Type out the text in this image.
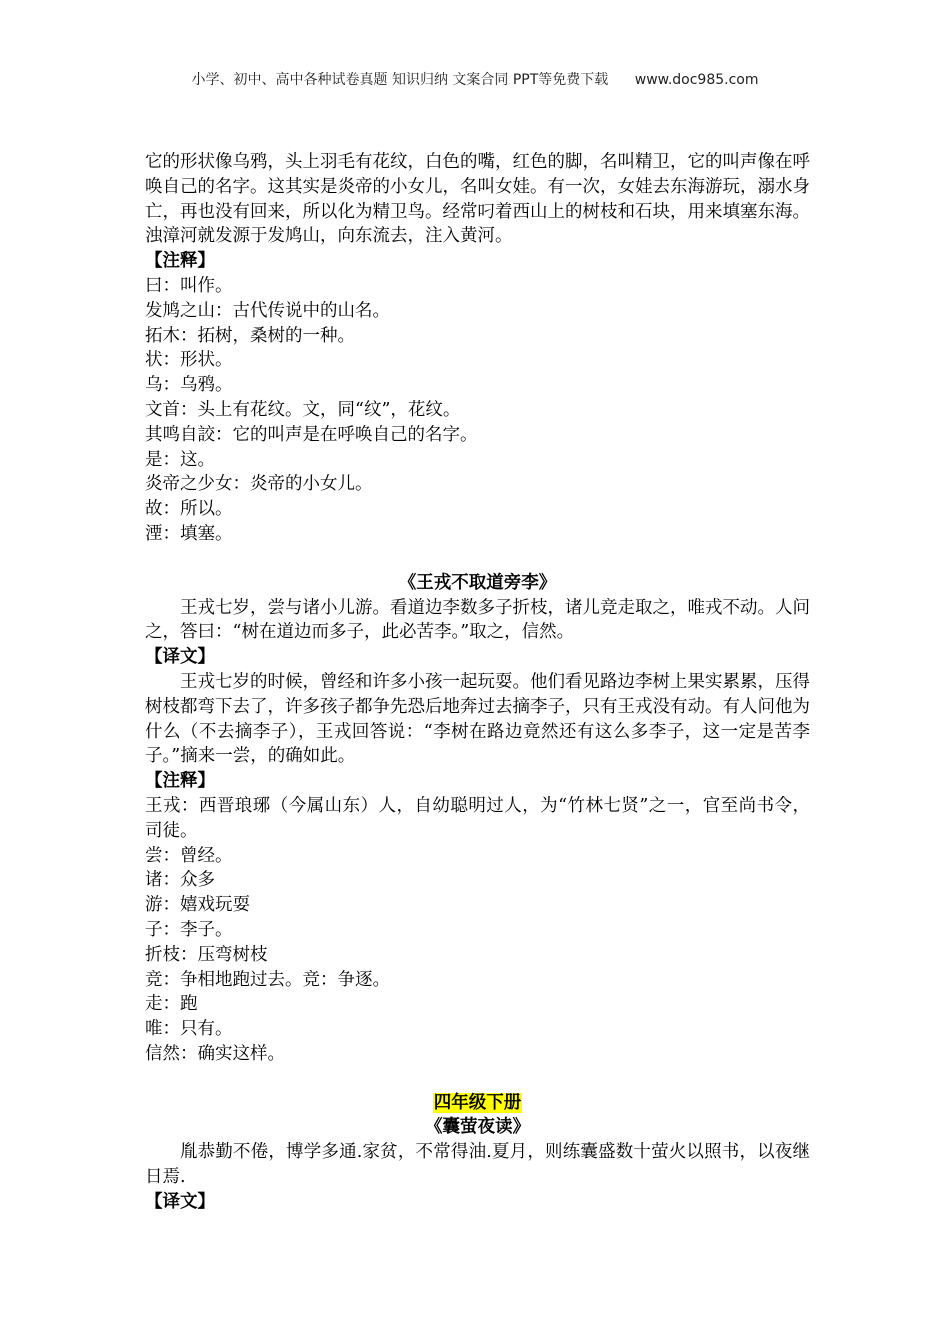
小学、初中、高中各种试卷真题 知识归纳 文案合同 PPT等免费下载 www.doc985.com

它的形状像乌鸦，头上羽毛有花纹，白色的嘴，红色的脚，名叫精卫，它的叫声像在呼唤自己的名字。这其实是炎帝的小女儿，名叫女娃。有一次，女娃去东海游玩，溺水身亡，再也没有回来，所以化为精卫鸟。经常叼着西山上的树枝和石块，用来填塞东海。浊漳河就发源于发鸠山，向东流去，注入黄河。

【注释】

曰：叫作。

发鸠之山：古代传说中的山名。

拓木：拓树，桑树的一种。

状：形状。

乌：乌鸦。

文首：头上有花纹。文，同“纹”，花纹。

其鸣自詨：它的叫声是在呼唤自己的名字。

是：这。

炎帝之少女：炎帝的小女儿。

故：所以。

湮：填塞。

《王戎不取道旁李》

王戎七岁，尝与诸小儿游。看道边李数多子折枝，诸儿竞走取之，唯戎不动。人问之，答曰：“树在道边而多子，此必苦李。”取之，信然。

【译文】

王戎七岁的时候，曾经和许多小孩一起玩耍。他们看见路边李树上果实累累，压得树枝都弯下去了，许多孩子都争先恐后地奔过去摘李子，只有王戎没有动。有人问他为什么（不去摘李子），王戎回答说：“李树在路边竟然还有这么多李子，这一定是苦李子。”摘来一尝，的确如此。

【注释】

王戎：西晋琅琊（今属山东）人，自幼聪明过人，为“竹林七贤”之一，官至尚书令，司徒。

尝：曾经。

诸：众多

游：嬉戏玩耍

子：李子。

折枝：压弯树枝

竞：争相地跑过去。竞：争逐。

走：跑

唯：只有。

信然：确实这样。

四年级下册

《囊萤夜读》

胤恭勤不倦，博学多通.家贫，不常得油.夏月，则练囊盛数十萤火以照书，以夜继日焉.

【译文】
